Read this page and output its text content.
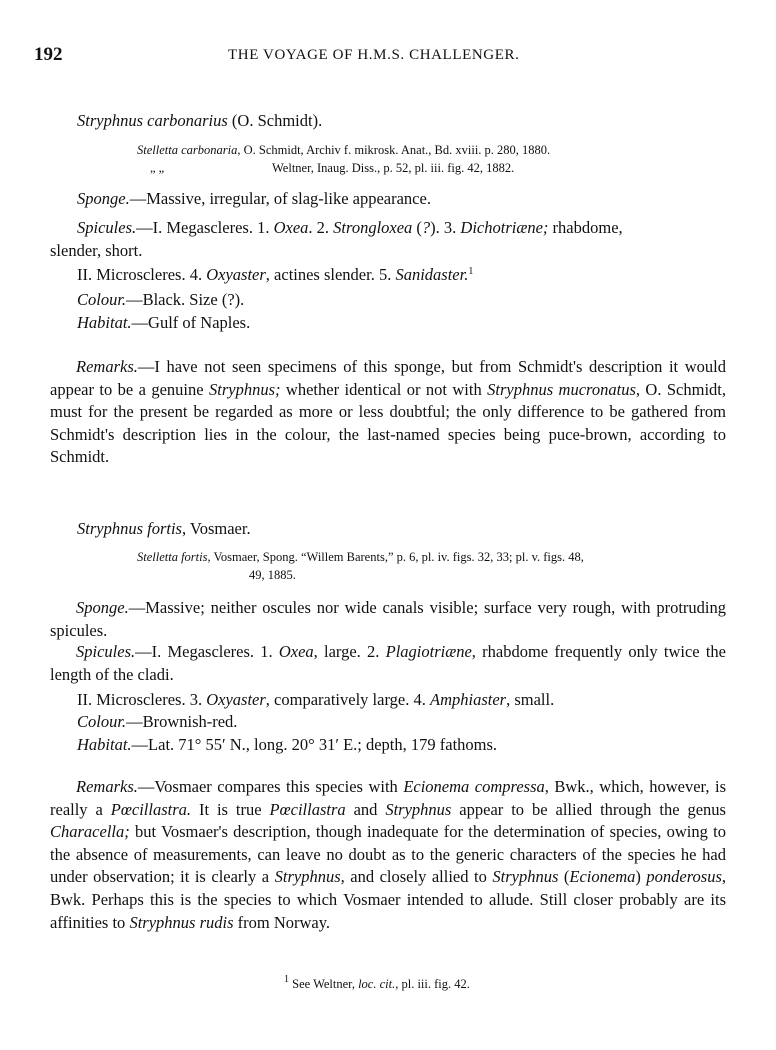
192	THE VOYAGE OF H.M.S. CHALLENGER.
Stryphnus carbonarius (O. Schmidt).
Stelletta carbonaria, O. Schmidt, Archiv f. mikrosk. Anat., Bd. xviii. p. 280, 1880.
„ „	Weltner, Inaug. Diss., p. 52, pl. iii. fig. 42, 1882.
Sponge.—Massive, irregular, of slag-like appearance.
Spicules.—I. Megascleres. 1. Oxea. 2. Strongloxea (?). 3. Dichotriæne; rhabdome,
slender, short.
II. Microscleres. 4. Oxyaster, actines slender. 5. Sanidaster.$^1$
Colour.—Black. Size (?).
Habitat.—Gulf of Naples.
Remarks.—I have not seen specimens of this sponge, but from Schmidt's description it would appear to be a genuine Stryphnus; whether identical or not with Stryphnus mucronatus, O. Schmidt, must for the present be regarded as more or less doubtful; the only difference to be gathered from Schmidt's description lies in the colour, the last-named species being puce-brown, according to Schmidt.
Stryphnus fortis, Vosmaer.
Stelletta fortis, Vosmaer, Spong. “Willem Barents,” p. 6, pl. iv. figs. 32, 33; pl. v. figs. 48,
49, 1885.
Sponge.—Massive; neither oscules nor wide canals visible; surface very rough, with protruding spicules.
Spicules.—I. Megascleres. 1. Oxea, large. 2. Plagiotriæne, rhabdome frequently only twice the length of the cladi.
II. Microscleres. 3. Oxyaster, comparatively large. 4. Amphiaster, small.
Colour.—Brownish-red.
Habitat.—Lat. 71° 55′ N., long. 20° 31′ E.; depth, 179 fathoms.
Remarks.—Vosmaer compares this species with Ecionema compressa, Bwk., which, however, is really a Pœcillastra. It is true Pœcillastra and Stryphnus appear to be allied through the genus Characella; but Vosmaer's description, though inadequate for the determination of species, owing to the absence of measurements, can leave no doubt as to the generic characters of the species he had under observation; it is clearly a Stryphnus, and closely allied to Stryphnus (Ecionema) ponderosus, Bwk. Perhaps this is the species to which Vosmaer intended to allude. Still closer probably are its affinities to Stryphnus rudis from Norway.
$^1$ See Weltner, loc. cit., pl. iii. fig. 42.
